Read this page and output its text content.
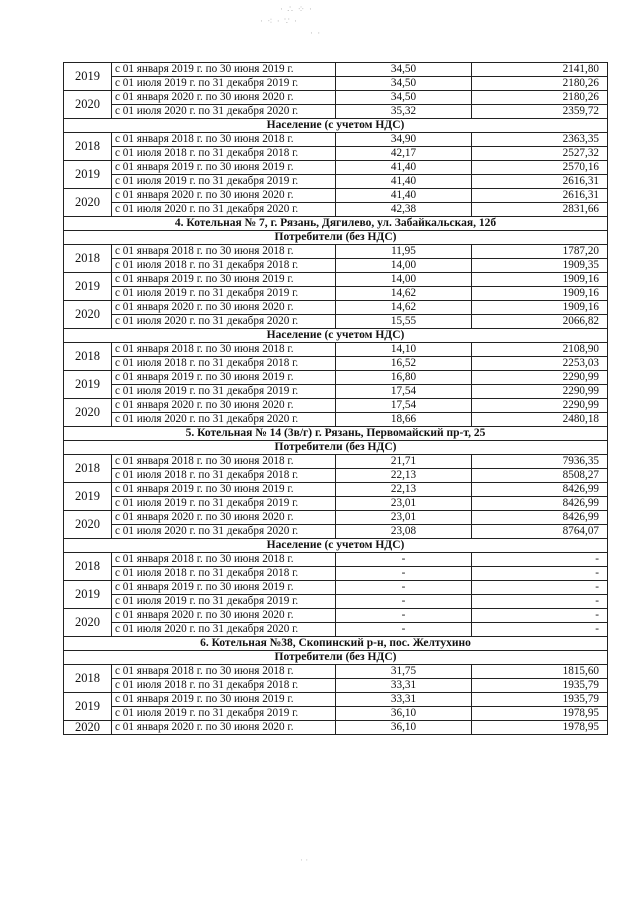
· ∴ ⁘ ·
· ⁖ · ∵ ·
· ·
2019	с 01 января 2019 г. по 30 июня 2019 г.	34,50	2141,80
	с 01 июля 2019 г. по 31 декабря 2019 г.	34,50	2180,26
2020	с 01 января 2020 г. по 30 июня 2020 г.	34,50	2180,26
	с 01 июля 2020 г. по 31 декабря 2020 г.	35,32	2359,72
Население (с учетом НДС)			
2018	с 01 января 2018 г. по 30 июня 2018 г.	34,90	2363,35
	с 01 июля 2018 г. по 31 декабря 2018 г.	42,17	2527,32
2019	с 01 января 2019 г. по 30 июня 2019 г.	41,40	2570,16
	с 01 июля 2019 г. по 31 декабря 2019 г.	41,40	2616,31
2020	с 01 января 2020 г. по 30 июня 2020 г.	41,40	2616,31
	с 01 июля 2020 г. по 31 декабря 2020 г.	42,38	2831,66
4. Котельная № 7, г. Рязань, Дягилево, ул. Забайкальская, 12б			
Потребители (без НДС)			
2018	с 01 января 2018 г. по 30 июня 2018 г.	11,95	1787,20
	с 01 июля 2018 г. по 31 декабря 2018 г.	14,00	1909,35
2019	с 01 января 2019 г. по 30 июня 2019 г.	14,00	1909,16
	с 01 июля 2019 г. по 31 декабря 2019 г.	14,62	1909,16
2020	с 01 января 2020 г. по 30 июня 2020 г.	14,62	1909,16
	с 01 июля 2020 г. по 31 декабря 2020 г.	15,55	2066,82
Население (с учетом НДС)			
2018	с 01 января 2018 г. по 30 июня 2018 г.	14,10	2108,90
	с 01 июля 2018 г. по 31 декабря 2018 г.	16,52	2253,03
2019	с 01 января 2019 г. по 30 июня 2019 г.	16,80	2290,99
	с 01 июля 2019 г. по 31 декабря 2019 г.	17,54	2290,99
2020	с 01 января 2020 г. по 30 июня 2020 г.	17,54	2290,99
	с 01 июля 2020 г. по 31 декабря 2020 г.	18,66	2480,18
5. Котельная № 14 (3в/г) г. Рязань, Первомайский пр-т, 25			
Потребители (без НДС)			
2018	с 01 января 2018 г. по 30 июня 2018 г.	21,71	7936,35
	с 01 июля 2018 г. по 31 декабря 2018 г.	22,13	8508,27
2019	с 01 января 2019 г. по 30 июня 2019 г.	22,13	8426,99
	с 01 июля 2019 г. по 31 декабря 2019 г.	23,01	8426,99
2020	с 01 января 2020 г. по 30 июня 2020 г.	23,01	8426,99
	с 01 июля 2020 г. по 31 декабря 2020 г.	23,08	8764,07
Население (с учетом НДС)			
2018	с 01 января 2018 г. по 30 июня 2018 г.	-	-
	с 01 июля 2018 г. по 31 декабря 2018 г.	-	-
2019	с 01 января 2019 г. по 30 июня 2019 г.	-	-
	с 01 июля 2019 г. по 31 декабря 2019 г.	-	-
2020	с 01 января 2020 г. по 30 июня 2020 г.	-	-
	с 01 июля 2020 г. по 31 декабря 2020 г.	-	-
6. Котельная №38, Скопинский р-н, пос. Желтухино			
Потребители (без НДС)			
2018	с 01 января 2018 г. по 30 июня 2018 г.	31,75	1815,60
	с 01 июля 2018 г. по 31 декабря 2018 г.	33,31	1935,79
2019	с 01 января 2019 г. по 30 июня 2019 г.	33,31	1935,79
	с 01 июля 2019 г. по 31 декабря 2019 г.	36,10	1978,95
2020	с 01 января 2020 г. по 30 июня 2020 г.	36,10	1978,95
· ·
